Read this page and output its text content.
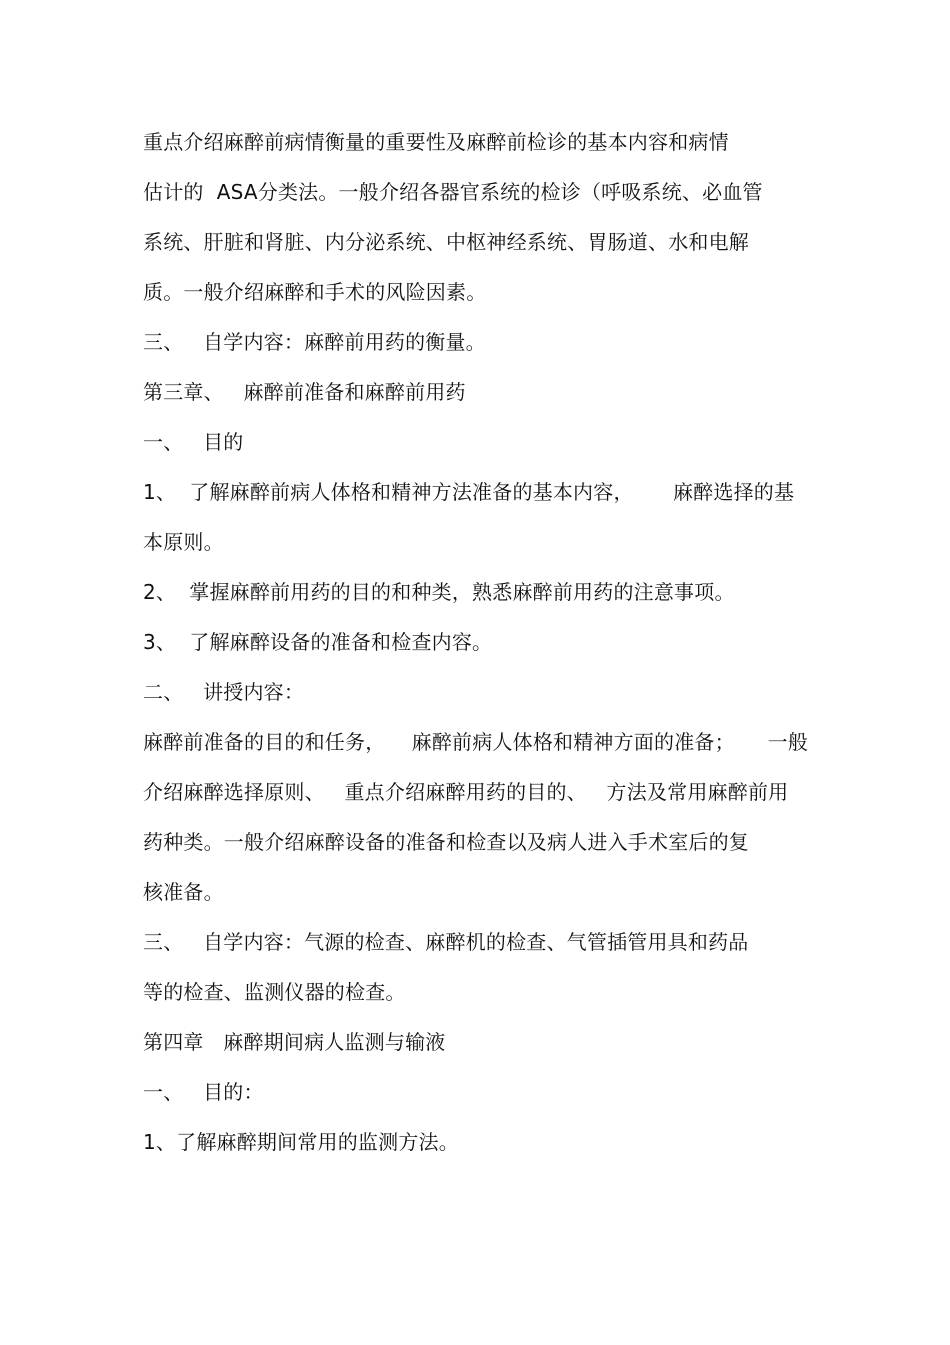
重点介绍麻醉前病情衡量的重要性及麻醉前检诊的基本内容和病情
估计的  ASA分类法。一般介绍各器官系统的检诊（呼吸系统、必血管
系统、肝脏和肾脏、内分泌系统、中枢神经系统、胃肠道、水和电解
质。一般介绍麻醉和手术的风险因素。
三、   自学内容：麻醉前用药的衡量。
第三章、   麻醉前准备和麻醉前用药
一、   目的
1、  了解麻醉前病人体格和精神方法准备的基本内容，      麻醉选择的基
本原则。
2、  掌握麻醉前用药的目的和种类，熟悉麻醉前用药的注意事项。
3、  了解麻醉设备的准备和检查内容。
二、   讲授内容：
麻醉前准备的目的和任务，    麻醉前病人体格和精神方面的准备；     一般
介绍麻醉选择原则、   重点介绍麻醉用药的目的、   方法及常用麻醉前用
药种类。一般介绍麻醉设备的准备和检查以及病人进入手术室后的复
核准备。
三、   自学内容：气源的检查、麻醉机的检查、气管插管用具和药品
等的检查、监测仪器的检查。
第四章   麻醉期间病人监测与输液
一、   目的：
1、了解麻醉期间常用的监测方法。
